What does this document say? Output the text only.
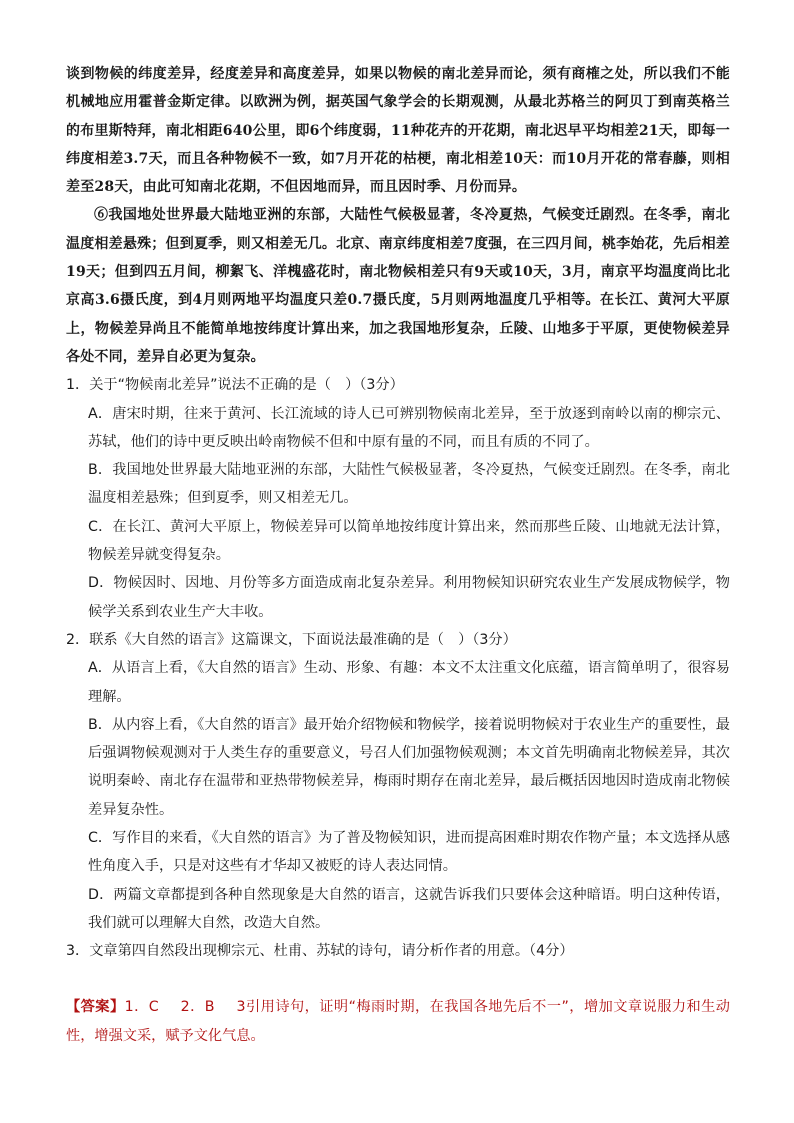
谈到物候的纬度差异，经度差异和高度差异，如果以物候的南北差异而论，须有商榷之处，所以我们不能机械地应用霍普金斯定律。以欧洲为例，据英国气象学会的长期观测，从最北苏格兰的阿贝丁到南英格兰的布里斯特拜，南北相距640公里，即6个纬度弱，11种花卉的开花期，南北迟早平均相差21天，即每一纬度相差3.7天，而且各种物候不一致，如7月开花的枯梗，南北相差10天：而10月开花的常春藤，则相差至28天，由此可知南北花期，不但因地而异，而且因时季、月份而异。

⑥我国地处世界最大陆地亚洲的东部，大陆性气候极显著，冬冷夏热，气候变迁剧烈。在冬季，南北温度相差悬殊；但到夏季，则又相差无几。北京、南京纬度相差7度强，在三四月间，桃李始花，先后相差19天；但到四五月间，柳絮飞、洋槐盛花时，南北物候相差只有9天或10天，3月，南京平均温度尚比北京高3.6摄氏度，到4月则两地平均温度只差0.7摄氏度，5月则两地温度几乎相等。在长江、黄河大平原上，物候差异尚且不能简单地按纬度计算出来，加之我国地形复杂，丘陵、山地多于平原，更使物候差异各处不同，差异自必更为复杂。

1．关于“物候南北差异”说法不正确的是（　）（3分）

A．唐宋时期，往来于黄河、长江流域的诗人已可辨别物候南北差异，至于放逐到南岭以南的柳宗元、苏轼，他们的诗中更反映出岭南物候不但和中原有量的不同，而且有质的不同了。

B．我国地处世界最大陆地亚洲的东部，大陆性气候极显著，冬冷夏热，气候变迁剧烈。在冬季，南北温度相差悬殊；但到夏季，则又相差无几。

C．在长江、黄河大平原上，物候差异可以简单地按纬度计算出来，然而那些丘陵、山地就无法计算，物候差异就变得复杂。

D．物候因时、因地、月份等多方面造成南北复杂差异。利用物候知识研究农业生产发展成物候学，物候学关系到农业生产大丰收。

2．联系《大自然的语言》这篇课文，下面说法最准确的是（　）（3分）

A．从语言上看，《大自然的语言》生动、形象、有趣：本文不太注重文化底蕴，语言简单明了，很容易理解。

B．从内容上看，《大自然的语言》最开始介绍物候和物候学，接着说明物候对于农业生产的重要性，最后强调物候观测对于人类生存的重要意义，号召人们加强物候观测；本文首先明确南北物候差异，其次说明秦岭、南北存在温带和亚热带物候差异，梅雨时期存在南北差异，最后概括因地因时造成南北物候差异复杂性。

C．写作目的来看，《大自然的语言》为了普及物候知识，进而提高困难时期农作物产量；本文选择从感性角度入手，只是对这些有才华却又被贬的诗人表达同情。

D．两篇文章都提到各种自然现象是大自然的语言，这就告诉我们只要体会这种暗语。明白这种传语，我们就可以理解大自然，改造大自然。

3．文章第四自然段出现柳宗元、杜甫、苏轼的诗句，请分析作者的用意。（4分）

【答案】1．C 2．B 3引用诗句，证明“梅雨时期，在我国各地先后不一”，增加文章说服力和生动性，增强文采，赋予文化气息。
